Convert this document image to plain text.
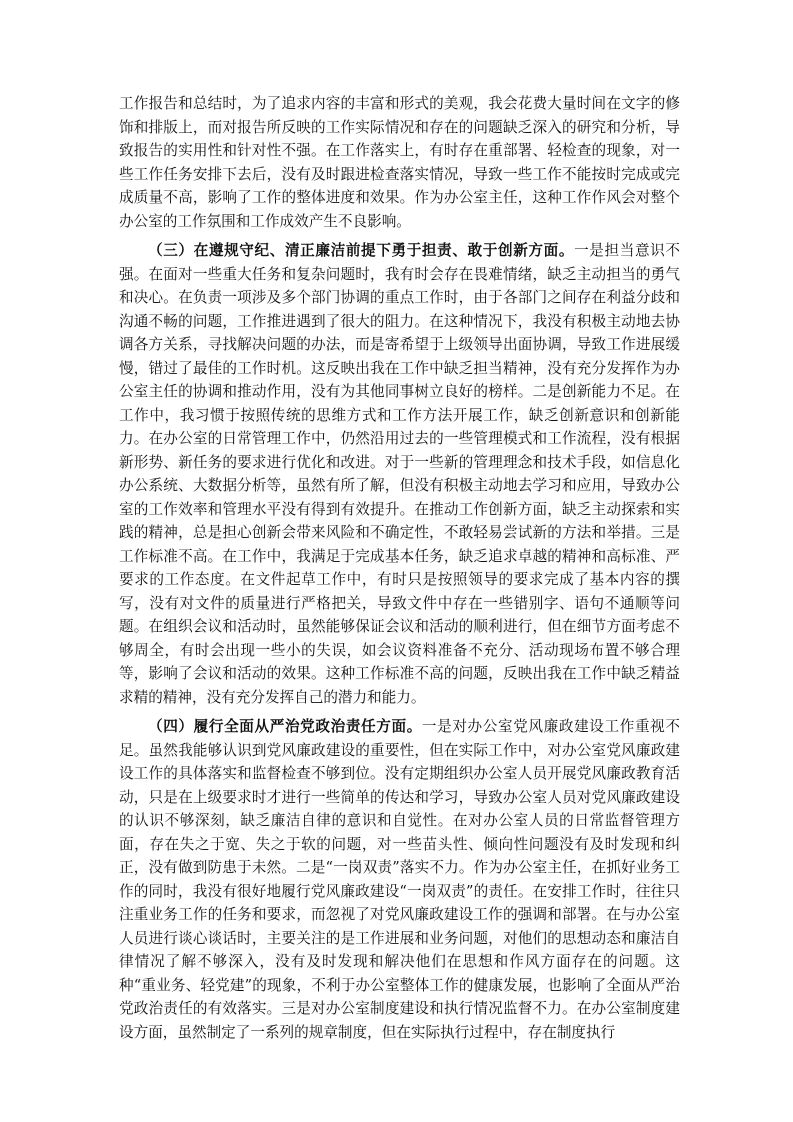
工作报告和总结时，为了追求内容的丰富和形式的美观，我会花费大量时间在文字的修饰和排版上，而对报告所反映的工作实际情况和存在的问题缺乏深入的研究和分析，导致报告的实用性和针对性不强。在工作落实上，有时存在重部署、轻检查的现象，对一些工作任务安排下去后，没有及时跟进检查落实情况，导致一些工作不能按时完成或完成质量不高，影响了工作的整体进度和效果。作为办公室主任，这种工作作风会对整个办公室的工作氛围和工作成效产生不良影响。

（三）在遵规守纪、清正廉洁前提下勇于担责、敢于创新方面。一是担当意识不强。在面对一些重大任务和复杂问题时，我有时会存在畏难情绪，缺乏主动担当的勇气和决心。在负责一项涉及多个部门协调的重点工作时，由于各部门之间存在利益分歧和沟通不畅的问题，工作推进遇到了很大的阻力。在这种情况下，我没有积极主动地去协调各方关系，寻找解决问题的办法，而是寄希望于上级领导出面协调，导致工作进展缓慢，错过了最佳的工作时机。这反映出我在工作中缺乏担当精神，没有充分发挥作为办公室主任的协调和推动作用，没有为其他同事树立良好的榜样。二是创新能力不足。在工作中，我习惯于按照传统的思维方式和工作方法开展工作，缺乏创新意识和创新能力。在办公室的日常管理工作中，仍然沿用过去的一些管理模式和工作流程，没有根据新形势、新任务的要求进行优化和改进。对于一些新的管理理念和技术手段，如信息化办公系统、大数据分析等，虽然有所了解，但没有积极主动地去学习和应用，导致办公室的工作效率和管理水平没有得到有效提升。在推动工作创新方面，缺乏主动探索和实践的精神，总是担心创新会带来风险和不确定性，不敢轻易尝试新的方法和举措。三是工作标准不高。在工作中，我满足于完成基本任务，缺乏追求卓越的精神和高标准、严要求的工作态度。在文件起草工作中，有时只是按照领导的要求完成了基本内容的撰写，没有对文件的质量进行严格把关，导致文件中存在一些错别字、语句不通顺等问题。在组织会议和活动时，虽然能够保证会议和活动的顺利进行，但在细节方面考虑不够周全，有时会出现一些小的失误，如会议资料准备不充分、活动现场布置不够合理等，影响了会议和活动的效果。这种工作标准不高的问题，反映出我在工作中缺乏精益求精的精神，没有充分发挥自己的潜力和能力。

（四）履行全面从严治党政治责任方面。一是对办公室党风廉政建设工作重视不足。虽然我能够认识到党风廉政建设的重要性，但在实际工作中，对办公室党风廉政建设工作的具体落实和监督检查不够到位。没有定期组织办公室人员开展党风廉政教育活动，只是在上级要求时才进行一些简单的传达和学习，导致办公室人员对党风廉政建设的认识不够深刻，缺乏廉洁自律的意识和自觉性。在对办公室人员的日常监督管理方面，存在失之于宽、失之于软的问题，对一些苗头性、倾向性问题没有及时发现和纠正，没有做到防患于未然。二是“一岗双责”落实不力。作为办公室主任，在抓好业务工作的同时，我没有很好地履行党风廉政建设“一岗双责”的责任。在安排工作时，往往只注重业务工作的任务和要求，而忽视了对党风廉政建设工作的强调和部署。在与办公室人员进行谈心谈话时，主要关注的是工作进展和业务问题，对他们的思想动态和廉洁自律情况了解不够深入，没有及时发现和解决他们在思想和作风方面存在的问题。这种“重业务、轻党建”的现象，不利于办公室整体工作的健康发展，也影响了全面从严治党政治责任的有效落实。三是对办公室制度建设和执行情况监督不力。在办公室制度建设方面，虽然制定了一系列的规章制度，但在实际执行过程中，存在制度执行
